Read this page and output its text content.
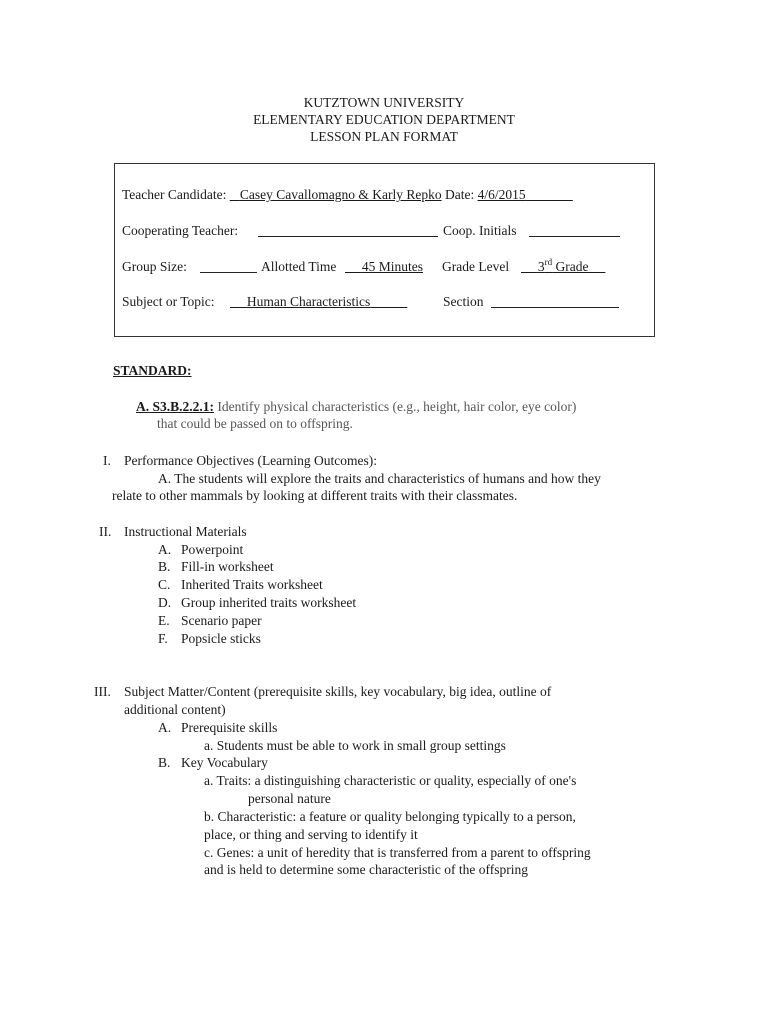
KUTZTOWN UNIVERSITY
ELEMENTARY EDUCATION DEPARTMENT
LESSON PLAN FORMAT
Teacher Candidate: Casey Cavallomagno & Karly Repko Date: 4/6/2015
Cooperating Teacher:	Coop. Initials
Group Size:	Allotted Time	45 Minutes Grade Level	3rd Grade
Subject or Topic:	Human Characteristics	Section
STANDARD:
A. S3.B.2.2.1: Identify physical characteristics (e.g., height, hair color, eye color)
that could be passed on to offspring.
I. Performance Objectives (Learning Outcomes):
A. The students will explore the traits and characteristics of humans and how they
relate to other mammals by looking at different traits with their classmates.
II. Instructional Materials
A. Powerpoint
B. Fill-in worksheet
C. Inherited Traits worksheet
D. Group inherited traits worksheet
E. Scenario paper
F. Popsicle sticks
III. Subject Matter/Content (prerequisite skills, key vocabulary, big idea, outline of
additional content)
A. Prerequisite skills
a. Students must be able to work in small group settings
B. Key Vocabulary
a. Traits: a distinguishing characteristic or quality, especially of one's
personal nature
b. Characteristic: a feature or quality belonging typically to a person,
place, or thing and serving to identify it
c. Genes: a unit of heredity that is transferred from a parent to offspring
and is held to determine some characteristic of the offspring
